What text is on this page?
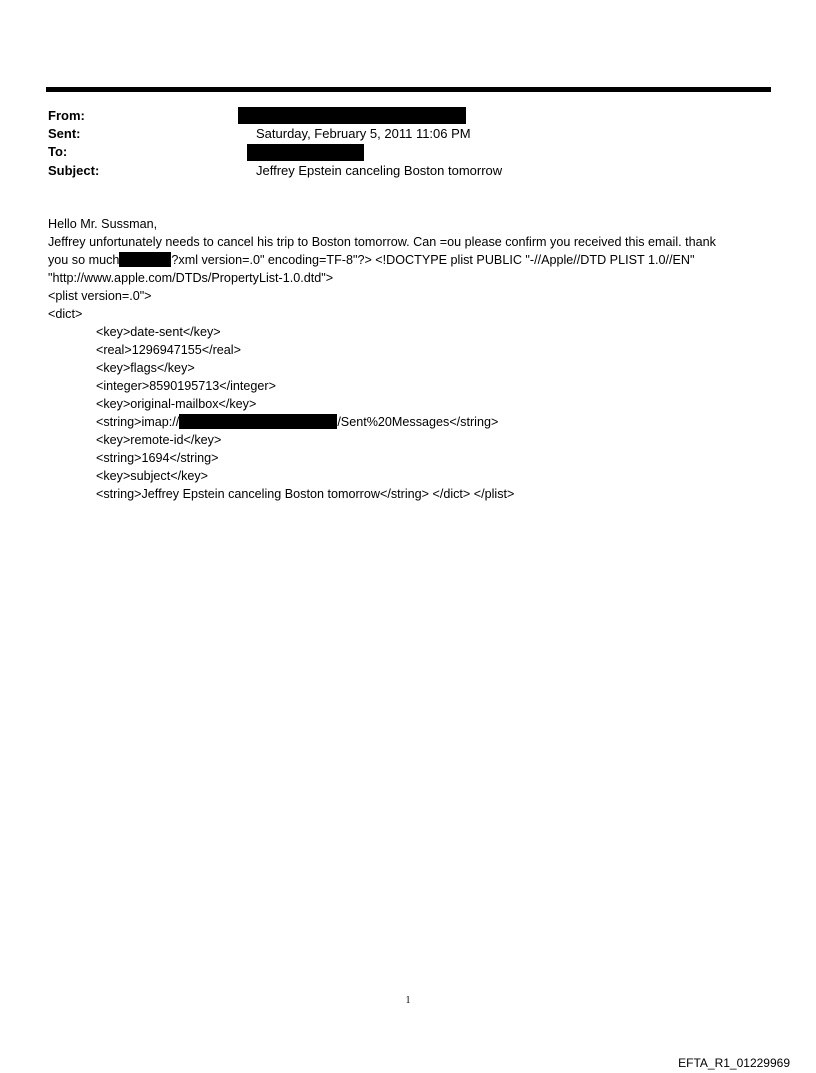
From:
Sent:	Saturday, February 5, 2011 11:06 PM
To:
Subject:	Jeffrey Epstein canceling Boston tomorrow
Hello Mr. Sussman,
Jeffrey unfortunately needs to cancel his trip to Boston tomorrow. Can =ou please confirm you received this email. thank
you so much	?xml version=.0" encoding=TF-8"?> <!DOCTYPE plist PUBLIC "-//Apple//DTD PLIST 1.0//EN"
"http://www.apple.com/DTDs/PropertyList-1.0.dtd">
<plist version=.0">
<dict>
<key>date-sent</key>
<real>1296947155</real>
<key>flags</key>
<integer>8590195713</integer>
<key>original-mailbox</key>
<string>imap://	/Sent%20Messages</string>
<key>remote-id</key>
<string>1694</string>
<key>subject</key>
<string>Jeffrey Epstein canceling Boston tomorrow</string> </dict> </plist>
1
EFTA_R1_01229969
